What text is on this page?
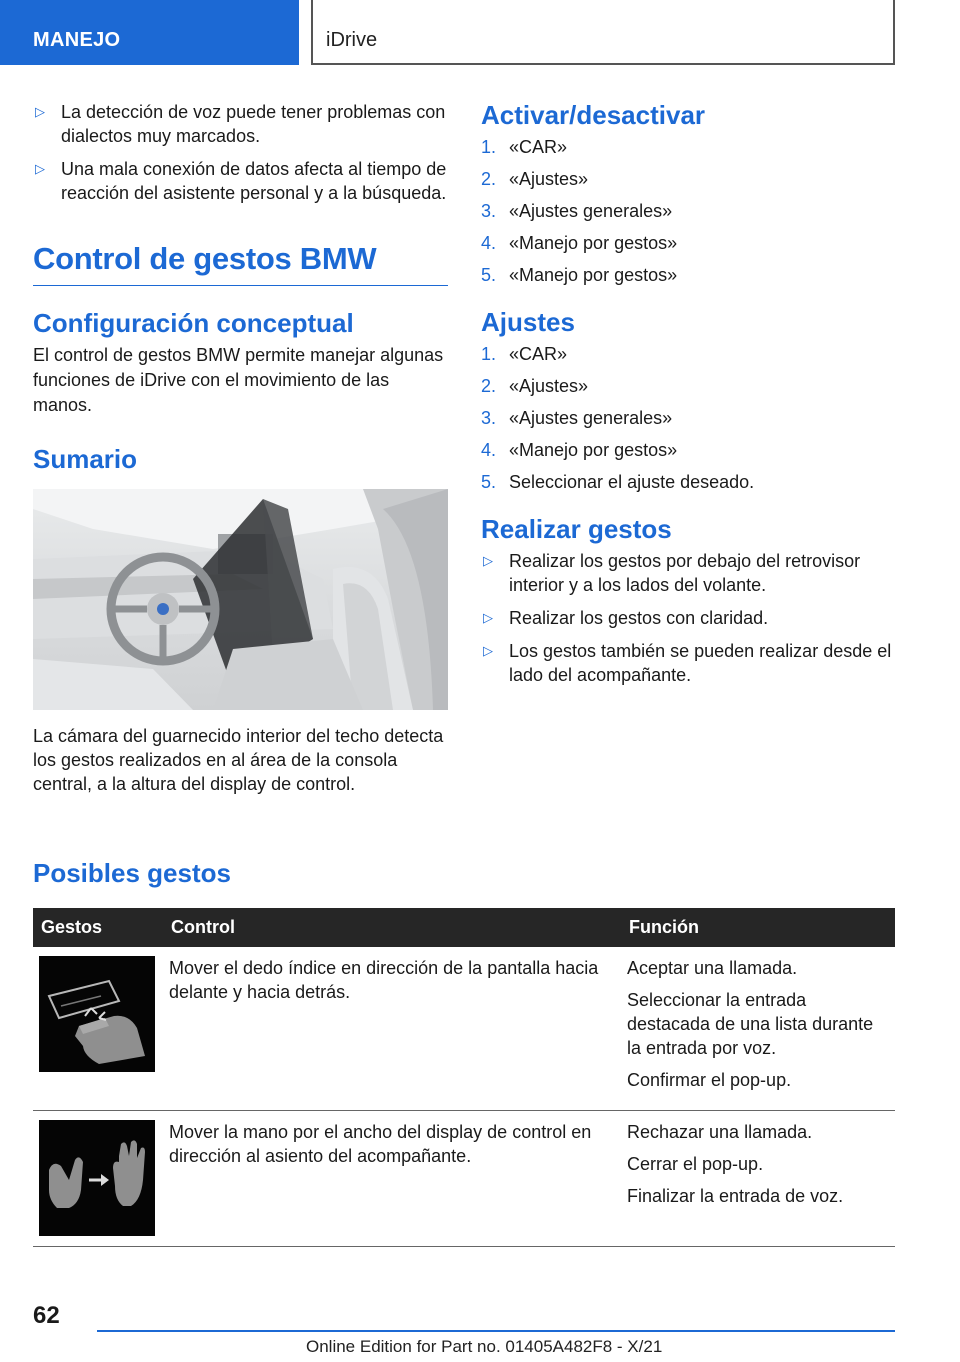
MANEJO	iDrive
▷ La detección de voz puede tener problemas con dialectos muy marcados.
▷ Una mala conexión de datos afecta al tiempo de reacción del asistente personal y a la búsqueda.
Control de gestos BMW
Configuración conceptual

El control de gestos BMW permite manejar algunas funciones de iDrive con el movimiento de las manos.

Sumario

La cámara del guarnecido interior del techo detecta los gestos realizados en al área de la consola central, a la altura del display de control.

Activar/desactivar
1. «CAR»
2. «Ajustes»
3. «Ajustes generales»
4. «Manejo por gestos»
5. «Manejo por gestos»
Ajustes
1. «CAR»
2. «Ajustes»
3. «Ajustes generales»
4. «Manejo por gestos»
5. Seleccionar el ajuste deseado.
Realizar gestos
▷ Realizar los gestos por debajo del retrovisor interior y a los lados del volante.
▷ Realizar los gestos con claridad.
▷ Los gestos también se pueden realizar desde el lado del acompañante.
Posibles gestos
Gestos	Control	Función

	Mover el dedo índice en dirección de la pantalla hacia delante y hacia detrás.	Aceptar una llamada.

Seleccionar la entrada destacada de una lista durante la entrada por voz.

Confirmar el pop-up.

	Mover la mano por el ancho del display de control en dirección al asiento del acompañante.	Rechazar una llamada.

Cerrar el pop-up.

Finalizar la entrada de voz.

62
Online Edition for Part no. 01405A482F8 - X/21
